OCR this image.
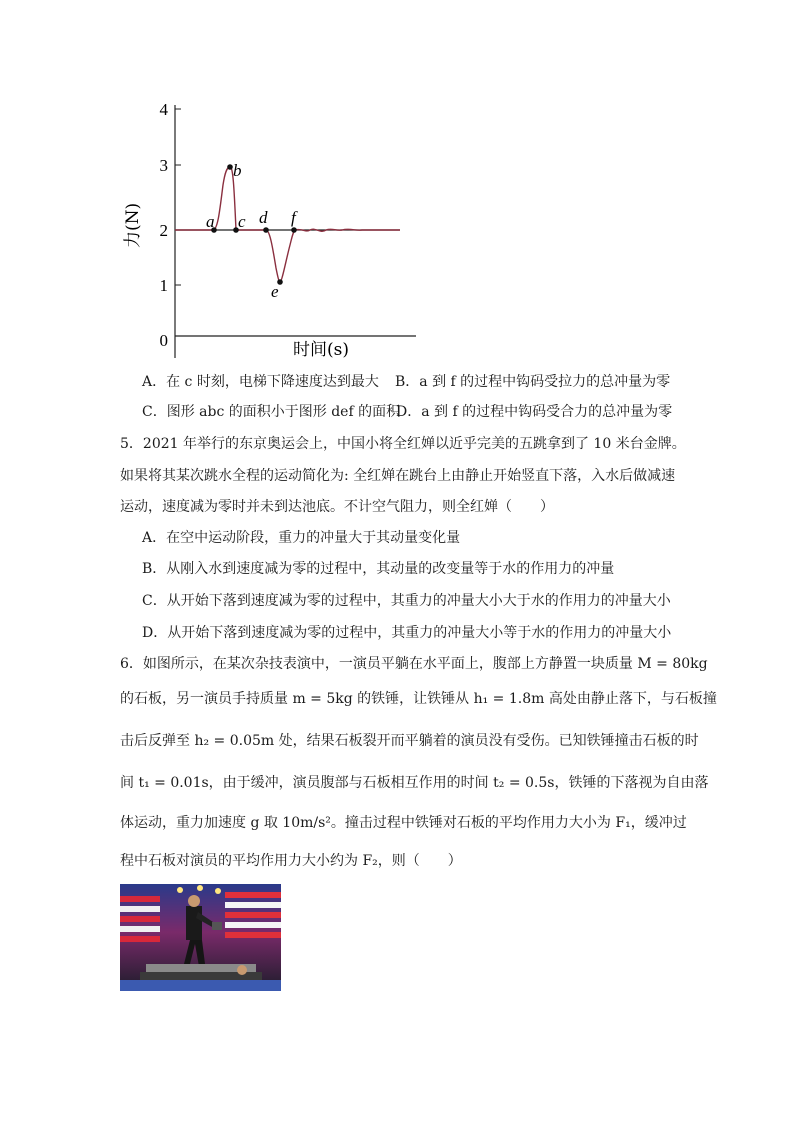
4
3
2
1
0
力(N)
时间(s)
a
b
c d
e
f
A．在 c 时刻，电梯下降速度达到最大 B．a 到 f 的过程中钩码受拉力的总冲量为零
C．图形 abc 的面积小于图形 def 的面积
D．a 到 f 的过程中钩码受合力的总冲量为零
5．2021 年举行的东京奥运会上，中国小将全红婵以近乎完美的五跳拿到了 10 米台金牌。
如果将其某次跳水全程的运动简化为: 全红婵在跳台上由静止开始竖直下落，入水后做减速
运动，速度减为零时并未到达池底。不计空气阻力，则全红婵（　　）
A．在空中运动阶段，重力的冲量大于其动量变化量
B．从刚入水到速度减为零的过程中，其动量的改变量等于水的作用力的冲量
C．从开始下落到速度减为零的过程中，其重力的冲量大小大于水的作用力的冲量大小
D．从开始下落到速度减为零的过程中，其重力的冲量大小等于水的作用力的冲量大小
6．如图所示，在某次杂技表演中，一演员平躺在水平面上，腹部上方静置一块质量 M = 80kg
的石板，另一演员手持质量 m = 5kg 的铁锤，让铁锤从 h₁ = 1.8m 高处由静止落下，与石板撞
击后反弹至 h₂ = 0.05m 处，结果石板裂开而平躺着的演员没有受伤。已知铁锤撞击石板的时
间 t₁ = 0.01s，由于缓冲，演员腹部与石板相互作用的时间 t₂ = 0.5s，铁锤的下落视为自由落
体运动，重力加速度 g 取 10m/s²。撞击过程中铁锤对石板的平均作用力大小为 F₁，缓冲过
程中石板对演员的平均作用力大小约为 F₂，则（　　）
